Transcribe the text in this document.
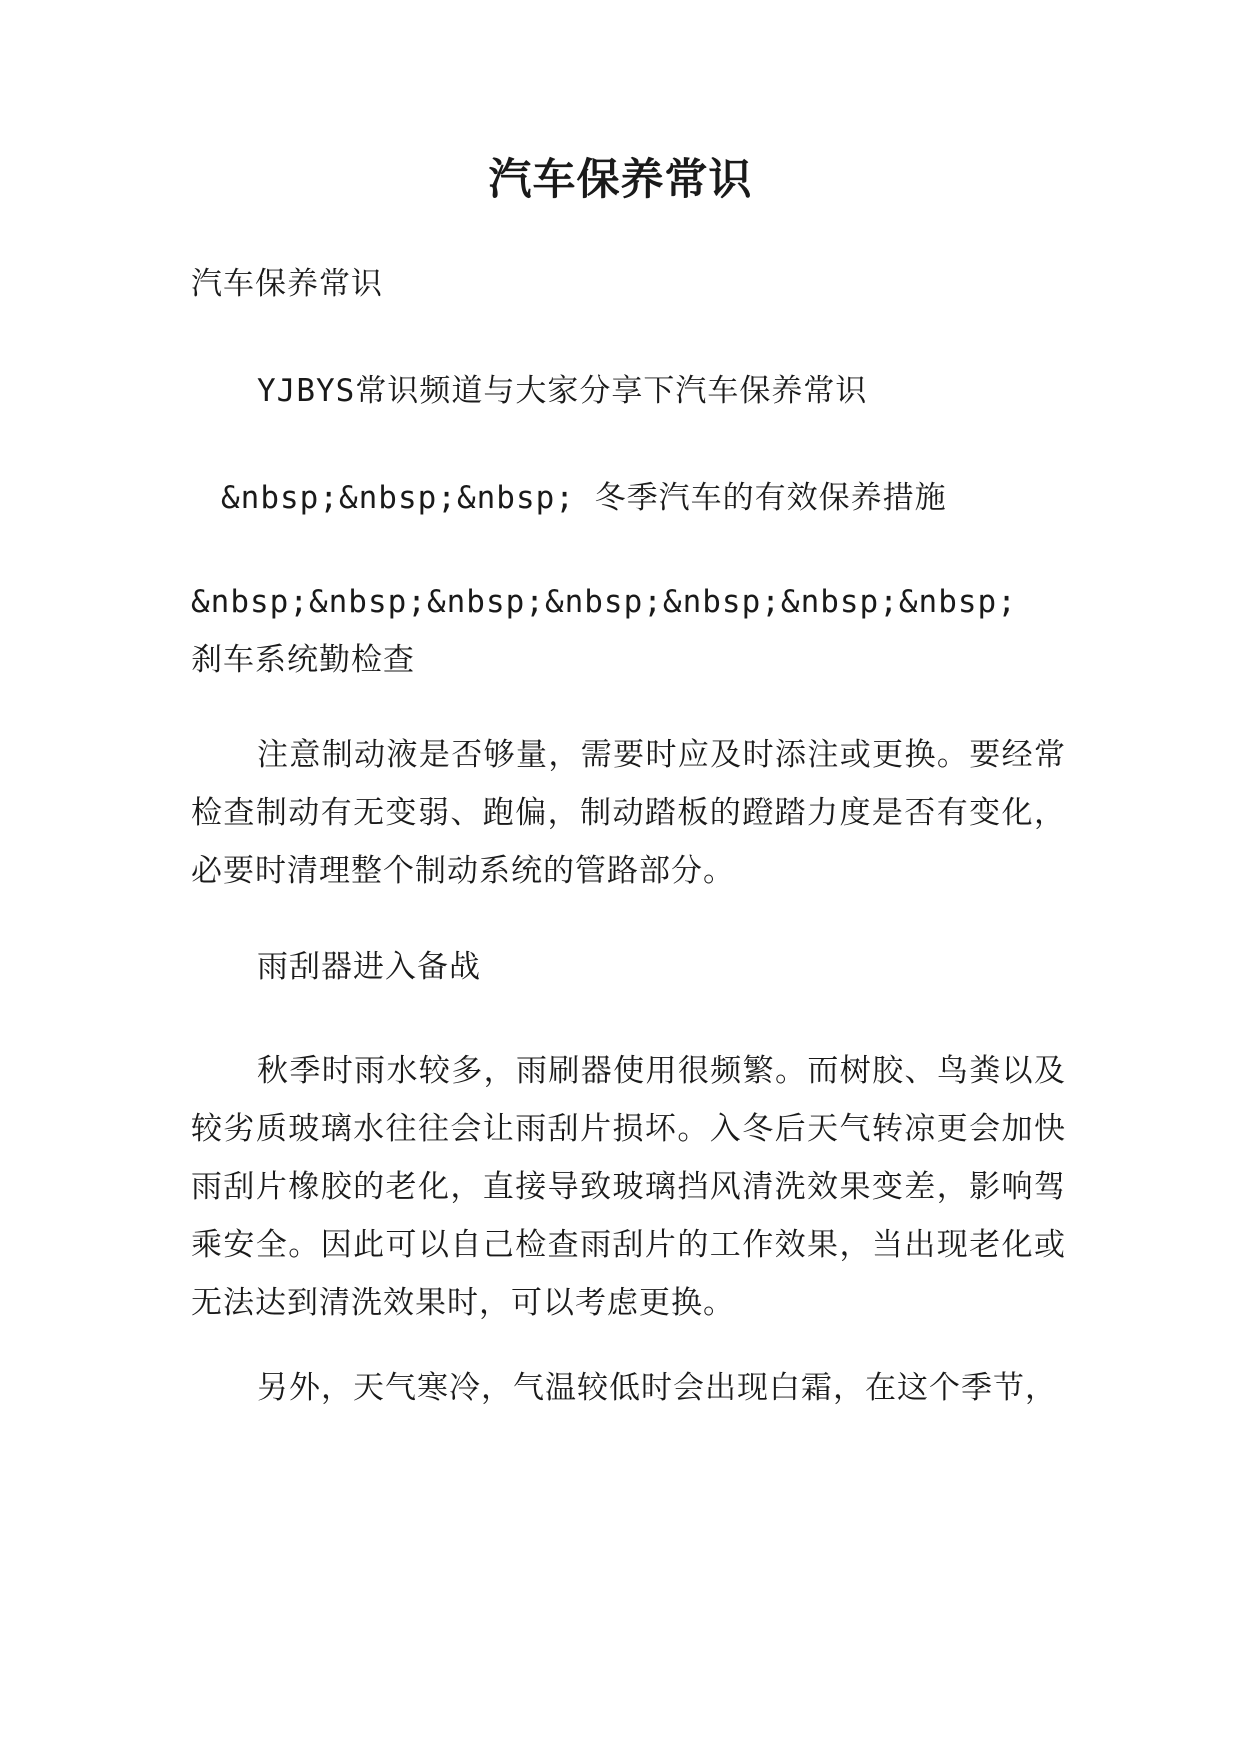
汽车保养常识

汽车保养常识

YJBYS常识频道与大家分享下汽车保养常识

&nbsp;&nbsp;&nbsp; 冬季汽车的有效保养措施

&nbsp;&nbsp;&nbsp;&nbsp;&nbsp;&nbsp;&nbsp; 刹车系统勤检查

注意制动液是否够量，需要时应及时添注或更换。要经常检查制动有无变弱、跑偏，制动踏板的蹬踏力度是否有变化，必要时清理整个制动系统的管路部分。

雨刮器进入备战

秋季时雨水较多，雨刷器使用很频繁。而树胶、鸟粪以及较劣质玻璃水往往会让雨刮片损坏。入冬后天气转凉更会加快雨刮片橡胶的老化，直接导致玻璃挡风清洗效果变差，影响驾乘安全。因此可以自己检查雨刮片的工作效果，当出现老化或无法达到清洗效果时，可以考虑更换。

另外，天气寒冷，气温较低时会出现白霜，在这个季节，
